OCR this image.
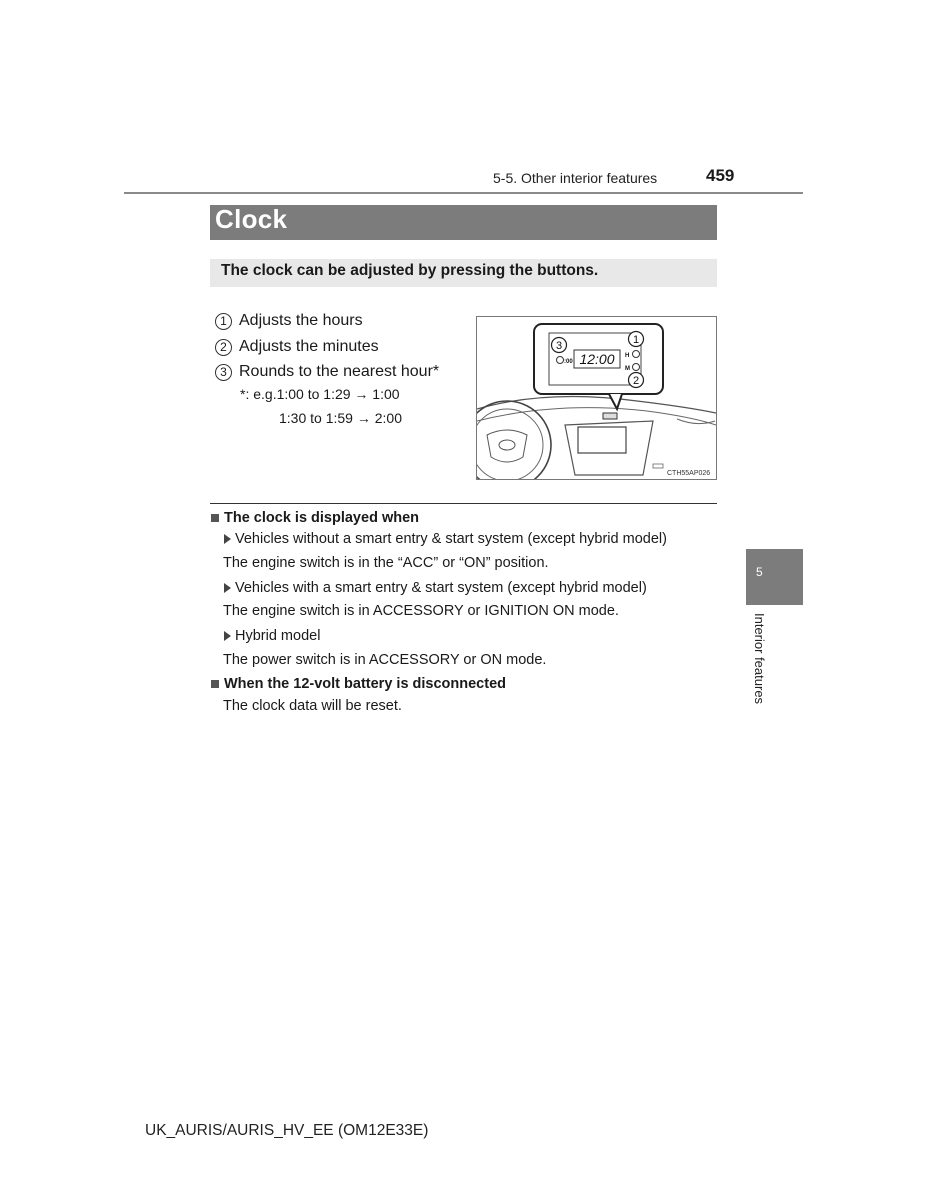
5-5. Other interior features	459
Clock
The clock can be adjusted by pressing the buttons.
1 Adjusts the hours
2 Adjusts the minutes
3 Rounds to the nearest hour*
*: e.g.1:00 to 1:29 → 1:00
1:30 to 1:59 → 2:00
12:00
:00
H
M
1
2
3
CTH55AP026
The clock is displayed when
Vehicles without a smart entry & start system (except hybrid model)
The engine switch is in the “ACC” or “ON” position.
Vehicles with a smart entry & start system (except hybrid model)
The engine switch is in ACCESSORY or IGNITION ON mode.
Hybrid model
The power switch is in ACCESSORY or ON mode.
When the 12-volt battery is disconnected
The clock data will be reset.
5
Interior features
UK_AURIS/AURIS_HV_EE (OM12E33E)
